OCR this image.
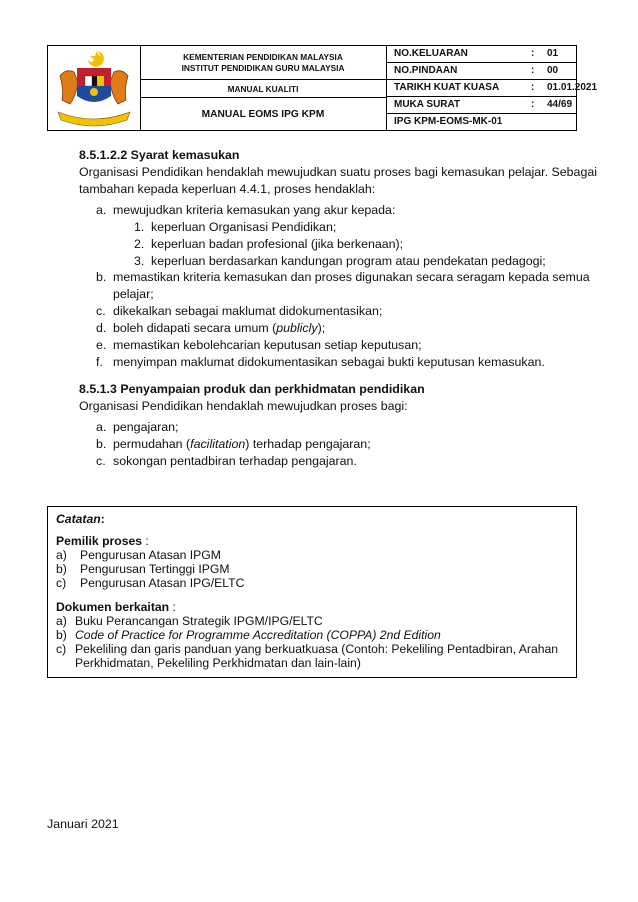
KEMENTERIAN PENDIDIKAN MALAYSIA
INSTITUT PENDIDIKAN GURU MALAYSIA
MANUAL KUALITI
MANUAL EOMS IPG KPM
NO.KELUARAN	: 01
NO.PINDAAN	: 00
TARIKH KUAT KUASA	: 01.01.2021
MUKA SURAT	: 44/69
IPG KPM-EOMS-MK-01
8.5.1.2.2 Syarat kemasukan
Organisasi Pendidikan hendaklah mewujudkan suatu proses bagi kemasukan pelajar. Sebagai
tambahan kepada keperluan 4.4.1, proses hendaklah:
a. mewujudkan kriteria kemasukan yang akur kepada:
1. keperluan Organisasi Pendidikan;
2. keperluan badan profesional (jika berkenaan);
3. keperluan berdasarkan kandungan program atau pendekatan pedagogi;
b. memastikan kriteria kemasukan dan proses digunakan secara seragam kepada semua
pelajar;
c. dikekalkan sebagai maklumat didokumentasikan;
d. boleh didapati secara umum (publicly);
e. memastikan kebolehcarian keputusan setiap keputusan;
f. menyimpan maklumat didokumentasikan sebagai bukti keputusan kemasukan.
8.5.1.3 Penyampaian produk dan perkhidmatan pendidikan
Organisasi Pendidikan hendaklah mewujudkan proses bagi:
a. pengajaran;
b. permudahan (facilitation) terhadap pengajaran;
c. sokongan pentadbiran terhadap pengajaran.
Catatan:
Pemilik proses :
a) Pengurusan Atasan IPGM
b) Pengurusan Tertinggi IPGM
c) Pengurusan Atasan IPG/ELTC
Dokumen berkaitan :
a) Buku Perancangan Strategik IPGM/IPG/ELTC
b) Code of Practice for Programme Accreditation (COPPA) 2nd Edition
c) Pekeliling dan garis panduan yang berkuatkuasa (Contoh: Pekeliling Pentadbiran, Arahan
Perkhidmatan, Pekeliling Perkhidmatan dan lain-lain)
Januari 2021
